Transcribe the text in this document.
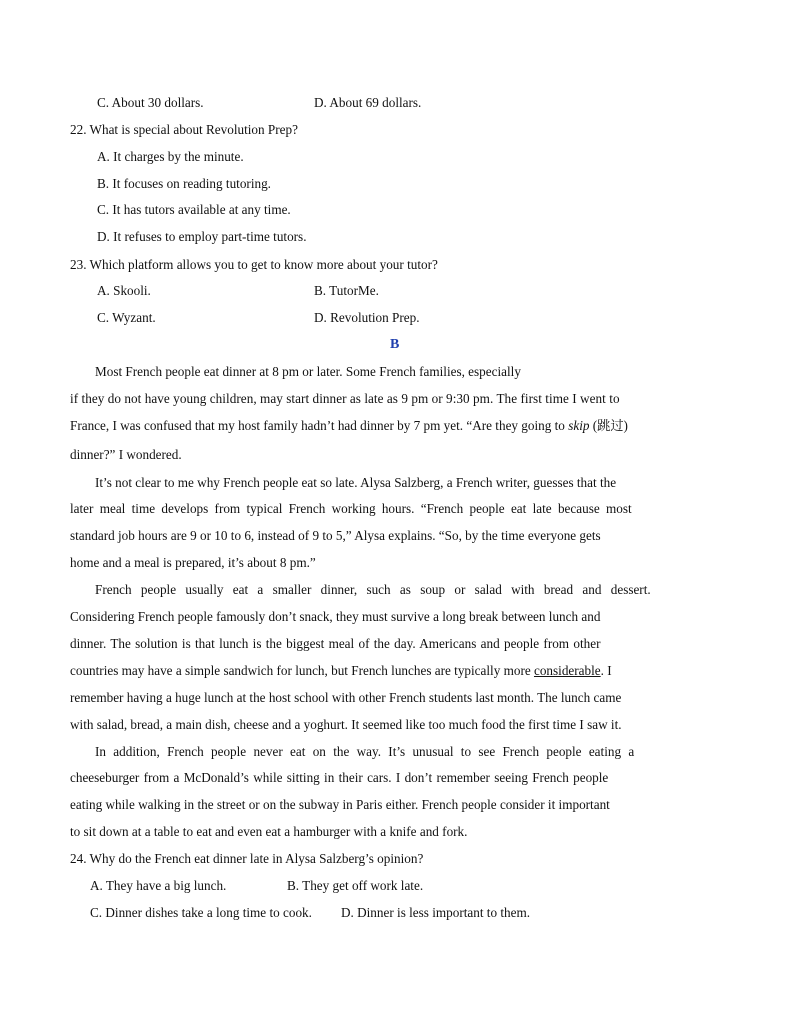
C. About 30 dollars.	D. About 69 dollars.
22. What is special about Revolution Prep?
A. It charges by the minute.
B. It focuses on reading tutoring.
C. It has tutors available at any time.
D. It refuses to employ part-time tutors.
23. Which platform allows you to get to know more about your tutor?
A. Skooli.	B. TutorMe.
C. Wyzant.	D. Revolution Prep.
B
Most French people eat dinner at 8 pm or later. Some French families, especially
if they do not have young children, may start dinner as late as 9 pm or 9:30 pm. The first time I went to
France, I was confused that my host family hadn’t had dinner by 7 pm yet. “Are they going to skip (跳过)
dinner?” I wondered.
It’s not clear to me why French people eat so late. Alysa Salzberg, a French writer, guesses that the
later meal time develops from typical French working hours. “French people eat late because most
standard job hours are 9 or 10 to 6, instead of 9 to 5,” Alysa explains. “So, by the time everyone gets
home and a meal is prepared, it’s about 8 pm.”
French people usually eat a smaller dinner, such as soup or salad with bread and dessert.
Considering French people famously don’t snack, they must survive a long break between lunch and
dinner. The solution is that lunch is the biggest meal of the day. Americans and people from other
countries may have a simple sandwich for lunch, but French lunches are typically more considerable. I
remember having a huge lunch at the host school with other French students last month. The lunch came
with salad, bread, a main dish, cheese and a yoghurt. It seemed like too much food the first time I saw it.
In addition, French people never eat on the way. It’s unusual to see French people eating a
cheeseburger from a McDonald’s while sitting in their cars. I don’t remember seeing French people
eating while walking in the street or on the subway in Paris either. French people consider it important
to sit down at a table to eat and even eat a hamburger with a knife and fork.
24. Why do the French eat dinner late in Alysa Salzberg’s opinion?
A. They have a big lunch.	B. They get off work late.
C. Dinner dishes take a long time to cook. D. Dinner is less important to them.
